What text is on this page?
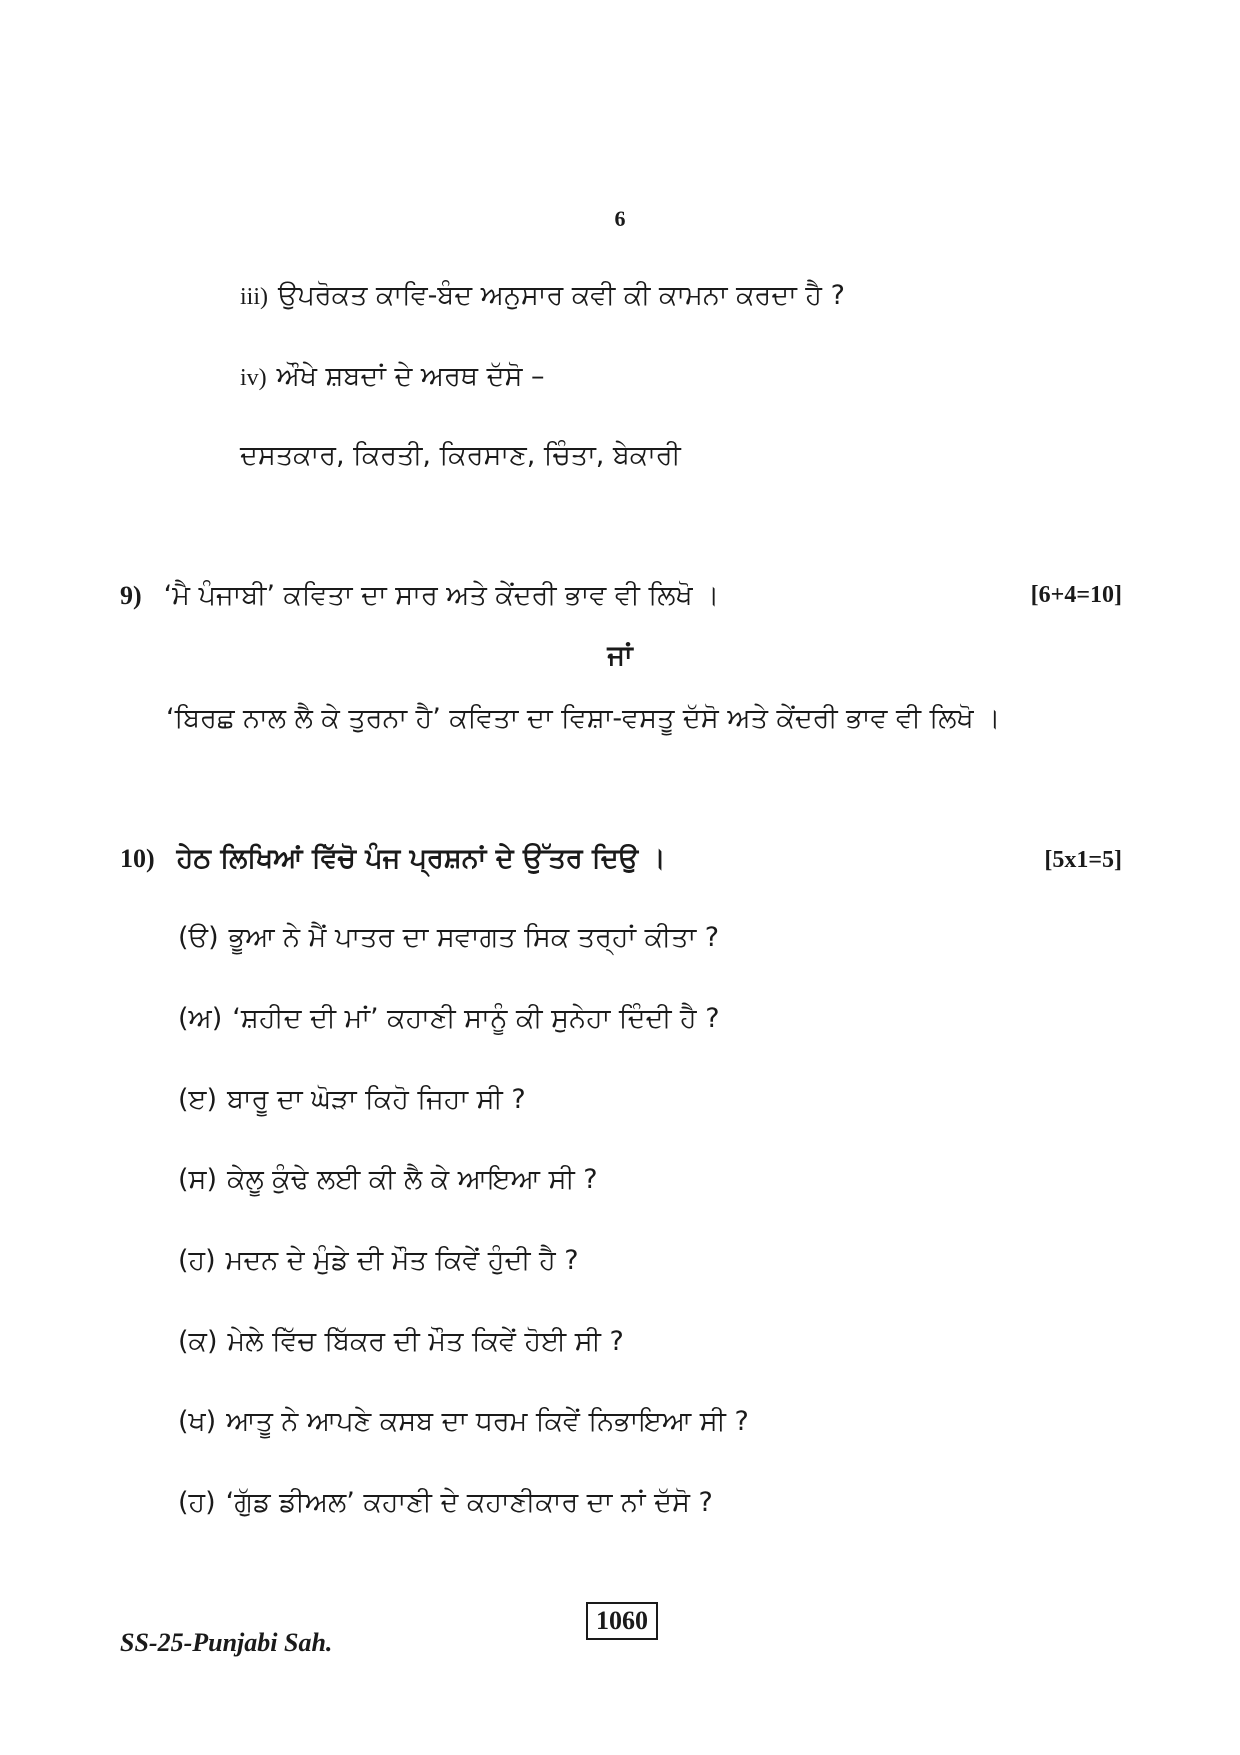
6
iii) ਉਪਰੋਕਤ ਕਾਵਿ-ਬੰਦ ਅਨੁਸਾਰ ਕਵੀ ਕੀ ਕਾਮਨਾ ਕਰਦਾ ਹੈ ?
iv) ਔਖੇ ਸ਼ਬਦਾਂ ਦੇ ਅਰਥ ਦੱਸੋ –
ਦਸਤਕਾਰ, ਕਿਰਤੀ, ਕਿਰਸਾਣ, ਚਿੰਤਾ, ਬੇਕਾਰੀ
9) ‘ਮੈ ਪੰਜਾਬੀ’ ਕਵਿਤਾ ਦਾ ਸਾਰ ਅਤੇ ਕੇਂਦਰੀ ਭਾਵ ਵੀ ਲਿਖੋ ।	[6+4=10]
ਜਾਂ
‘ਬਿਰਛ ਨਾਲ ਲੈ ਕੇ ਤੁਰਨਾ ਹੈ’ ਕਵਿਤਾ ਦਾ ਵਿਸ਼ਾ-ਵਸਤੂ ਦੱਸੋ ਅਤੇ ਕੇਂਦਰੀ ਭਾਵ ਵੀ ਲਿਖੋ ।
10) ਹੇਠ ਲਿਖਿਆਂ ਵਿੱਚੋ ਪੰਜ ਪ੍ਰਸ਼ਨਾਂ ਦੇ ਉੱਤਰ ਦਿਉ ।	[5x1=5]
(ੳ) ਭੂਆ ਨੇ ਮੈਂ ਪਾਤਰ ਦਾ ਸਵਾਗਤ ਸਿਕ ਤਰ੍ਹਾਂ ਕੀਤਾ ?
(ਅ) ‘ਸ਼ਹੀਦ ਦੀ ਮਾਂ’ ਕਹਾਣੀ ਸਾਨੂੰ ਕੀ ਸੁਨੇਹਾ ਦਿੰਦੀ ਹੈ ?
(ੲ) ਬਾਰੂ ਦਾ ਘੋੜਾ ਕਿਹੋ ਜਿਹਾ ਸੀ ?
(ਸ) ਕੇਲੂ ਕੁੰਢੇ ਲਈ ਕੀ ਲੈ ਕੇ ਆਇਆ ਸੀ ?
(ਹ) ਮਦਨ ਦੇ ਮੁੰਡੇ ਦੀ ਮੌਤ ਕਿਵੇਂ ਹੁੰਦੀ ਹੈ ?
(ਕ) ਮੇਲੇ ਵਿੱਚ ਬਿੱਕਰ ਦੀ ਮੌਤ ਕਿਵੇਂ ਹੋਈ ਸੀ ?
(ਖ) ਆਤੂ ਨੇ ਆਪਣੇ ਕਸਬ ਦਾ ਧਰਮ ਕਿਵੇਂ ਨਿਭਾਇਆ ਸੀ ?
(ਹ) ‘ਗੁੱਡ ਡੀਅਲ’ ਕਹਾਣੀ ਦੇ ਕਹਾਣੀਕਾਰ ਦਾ ਨਾਂ ਦੱਸੋ ?
SS-25-Punjabi Sah.
1060
